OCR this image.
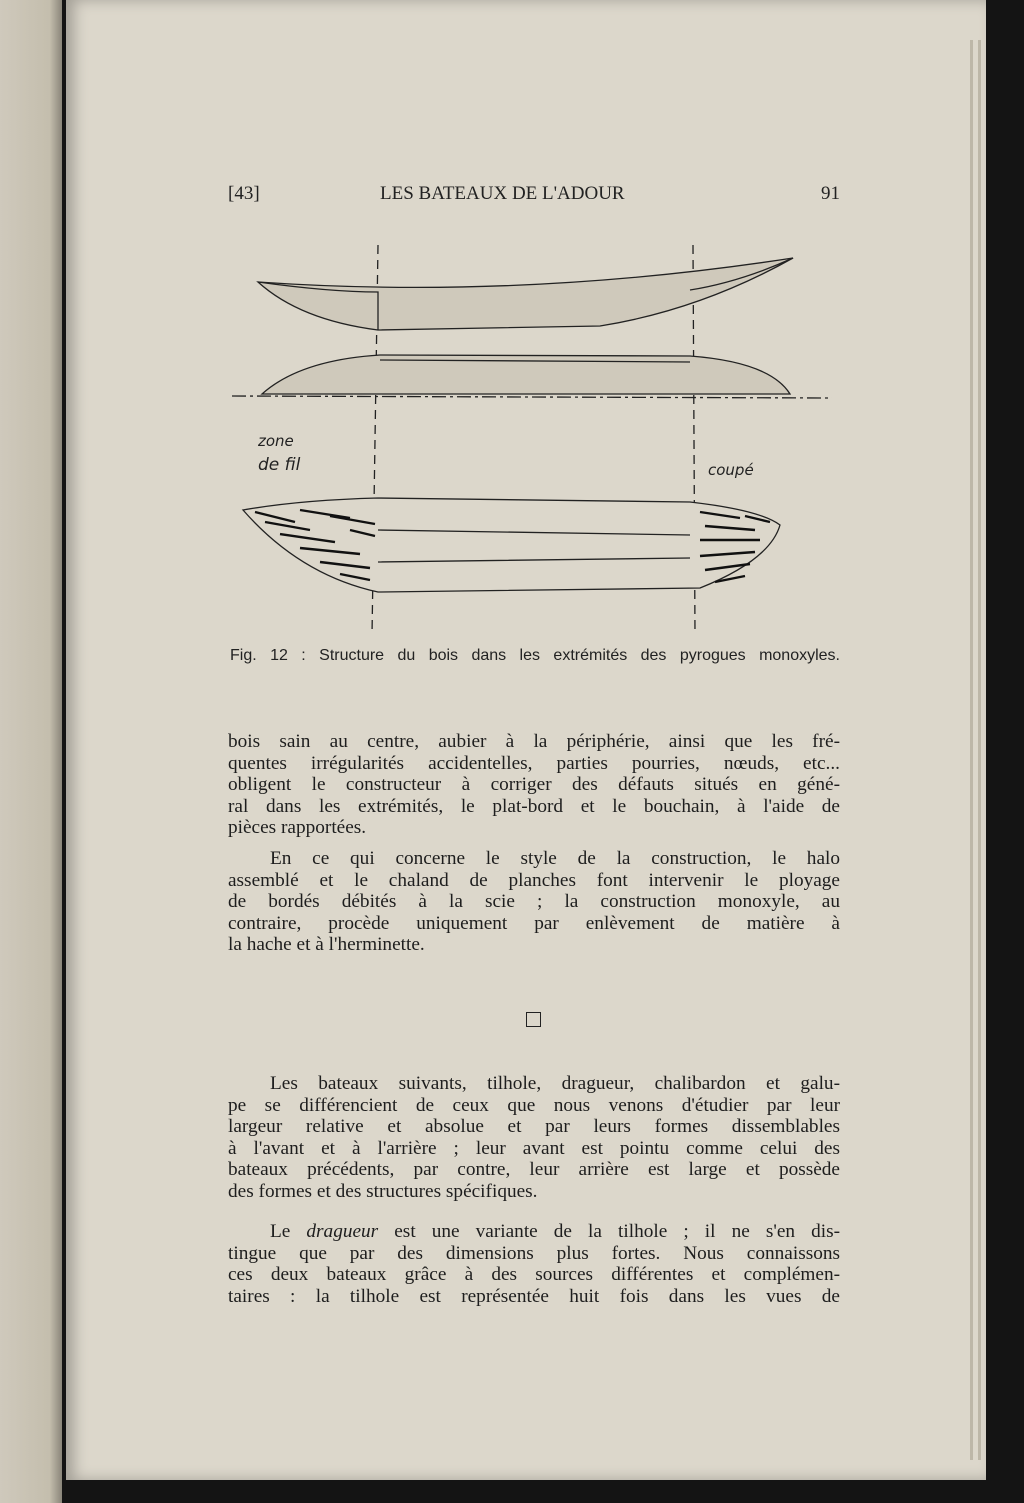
[43]	LES BATEAUX DE L'ADOUR	91
zone
de fil	coupé
Fig. 12 : Structure du bois dans les extrémités des pyrogues monoxyles.
bois sain au centre, aubier à la périphérie, ainsi que les fré-
quentes irrégularités accidentelles, parties pourries, nœuds, etc...
obligent le constructeur à corriger des défauts situés en géné-
ral dans les extrémités, le plat-bord et le bouchain, à l'aide de
pièces rapportées.
En ce qui concerne le style de la construction, le halo
assemblé et le chaland de planches font intervenir le ployage
de bordés débités à la scie ; la construction monoxyle, au
contraire, procède uniquement par enlèvement de matière à
la hache et à l'herminette.
Les bateaux suivants, tilhole, dragueur, chalibardon et galu-
pe se différencient de ceux que nous venons d'étudier par leur
largeur relative et absolue et par leurs formes dissemblables
à l'avant et à l'arrière ; leur avant est pointu comme celui des
bateaux précédents, par contre, leur arrière est large et possède
des formes et des structures spécifiques.
Le dragueur est une variante de la tilhole ; il ne s'en dis-
tingue que par des dimensions plus fortes. Nous connaissons
ces deux bateaux grâce à des sources différentes et complémen-
taires : la tilhole est représentée huit fois dans les vues de
